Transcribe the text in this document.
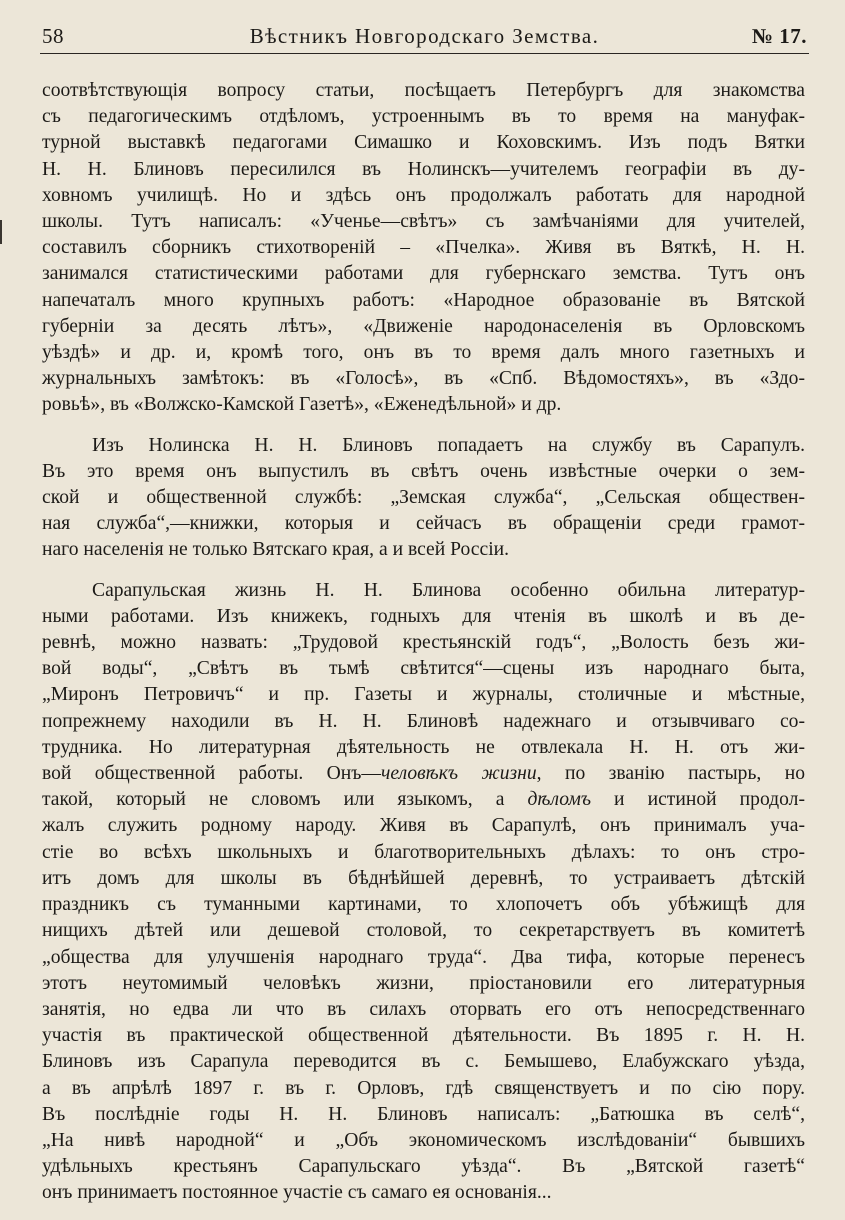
58	Вѣстникъ Новгородскаго Земства.	№ 17.
соотвѣтствующія вопросу статьи, посѣщаетъ Петербургъ для знакомства
съ педагогическимъ отдѣломъ, устроеннымъ въ то время на мануфак-
турной выставкѣ педагогами Симашко и Коховскимъ. Изъ подъ Вятки
Н. Н. Блиновъ пересилился въ Нолинскъ—учителемъ географіи въ ду-
ховномъ училищѣ. Но и здѣсь онъ продолжалъ работать для народной
школы. Тутъ написалъ: «Ученье—свѣтъ» съ замѣчаніями для учителей,
составилъ сборникъ стихотвореній – «Пчелка». Живя въ Вяткѣ, Н. Н.
занимался статистическими работами для губернскаго земства. Тутъ онъ
напечаталъ много крупныхъ работъ: «Народное образованіе въ Вятской
губерніи за десять лѣтъ», «Движеніе народонаселенія въ Орловскомъ
уѣздѣ» и др. и, кромѣ того, онъ въ то время далъ много газетныхъ и
журнальныхъ замѣтокъ: въ «Голосѣ», въ «Спб. Вѣдомостяхъ», въ «Здо-
ровьѣ», въ «Волжско-Камской Газетѣ», «Еженедѣльной» и др.
Изъ Нолинска Н. Н. Блиновъ попадаетъ на службу въ Сарапулъ.
Въ это время онъ выпустилъ въ свѣтъ очень извѣстные очерки о зем-
ской и общественной службѣ: „Земская служба“, „Сельская обществен-
ная служба“,—книжки, которыя и сейчасъ въ обращеніи среди грамот-
наго населенія не только Вятскаго края, а и всей Россіи.
Сарапульская жизнь Н. Н. Блинова особенно обильна литератур-
ными работами. Изъ книжекъ, годныхъ для чтенія въ школѣ и въ де-
ревнѣ, можно назвать: „Трудовой крестьянскій годъ“, „Волость безъ жи-
вой воды“, „Свѣтъ въ тьмѣ свѣтится“—сцены изъ народнаго быта,
„Миронъ Петровичъ“ и пр. Газеты и журналы, столичные и мѣстные,
попрежнему находили въ Н. Н. Блиновѣ надежнаго и отзывчиваго со-
трудника. Но литературная дѣятельность не отвлекала Н. Н. отъ жи-
вой общественной работы. Онъ—человѣкъ жизни, по званію пастырь, но
такой, который не словомъ или языкомъ, а дѣломъ и истиной продол-
жалъ служить родному народу. Живя въ Сарапулѣ, онъ принималъ уча-
стіе во всѣхъ школьныхъ и благотворительныхъ дѣлахъ: то онъ стро-
итъ домъ для школы въ бѣднѣйшей деревнѣ, то устраиваетъ дѣтскій
праздникъ съ туманными картинами, то хлопочетъ объ убѣжищѣ для
нищихъ дѣтей или дешевой столовой, то секретарствуетъ въ комитетѣ
„общества для улучшенія народнаго труда“. Два тифа, которые перенесъ
этотъ неутомимый человѣкъ жизни, пріостановили его литературныя
занятія, но едва ли что въ силахъ оторвать его отъ непосредственнаго
участія въ практической общественной дѣятельности. Въ 1895 г. Н. Н.
Блиновъ изъ Сарапула переводится въ с. Бемышево, Елабужскаго уѣзда,
а въ апрѣлѣ 1897 г. въ г. Орловъ, гдѣ священствуетъ и по сію пору.
Въ послѣдніе годы Н. Н. Блиновъ написалъ: „Батюшка въ селѣ“,
„На нивѣ народной“ и „Объ экономическомъ изслѣдованіи“ бывшихъ
удѣльныхъ крестьянъ Сарапульскаго уѣзда“. Въ „Вятской газетѣ“
онъ принимаетъ постоянное участіе съ самаго ея основанія...
